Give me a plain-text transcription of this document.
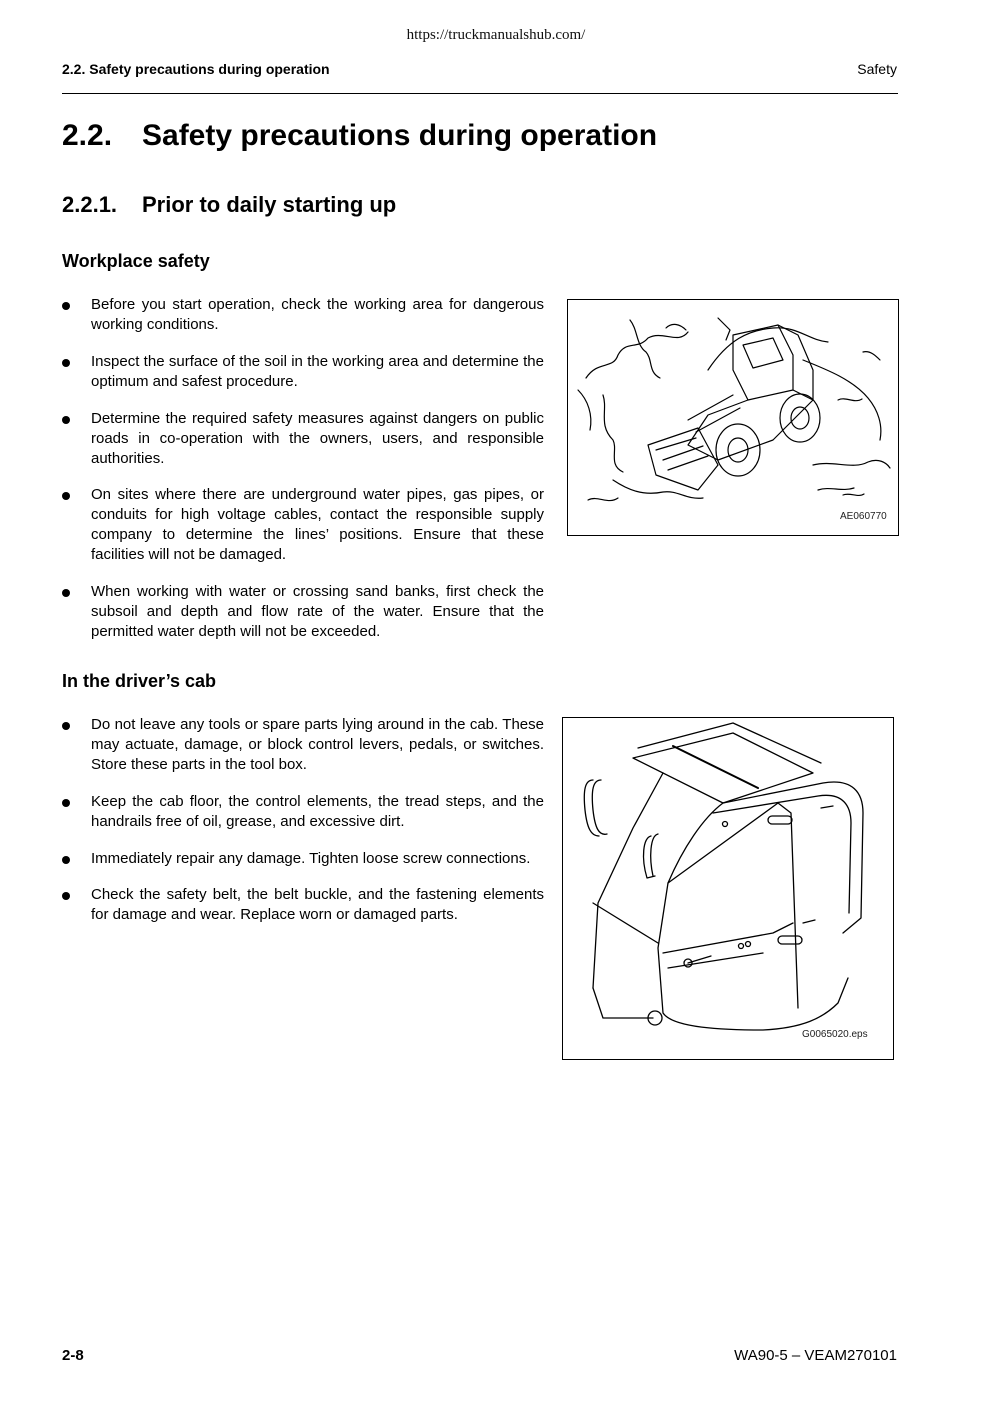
https://truckmanualshub.com/
2.2. Safety precautions during operation	Safety
2.2. Safety precautions during operation
2.2.1. Prior to daily starting up
Workplace safety
Before you start operation, check the working area for dangerous working conditions.
Inspect the surface of the soil in the working area and determine the optimum and safest procedure.
Determine the required safety measures against dangers on public roads in co-operation with the owners, users, and responsible authorities.
On sites where there are underground water pipes, gas pipes, or conduits for high voltage cables, contact the responsible supply company to determine the lines’ positions. Ensure that these facilities will not be damaged.
When working with water or crossing sand banks, first check the subsoil and depth and flow rate of the water. Ensure that the permitted water depth will not be exceeded.
AE060770
In the driver’s cab
Do not leave any tools or spare parts lying around in the cab. These may actuate, damage, or block control levers, pedals, or switches. Store these parts in the tool box.
Keep the cab floor, the control elements, the tread steps, and the handrails free of oil, grease, and excessive dirt.
Immediately repair any damage. Tighten loose screw connections.
Check the safety belt, the belt buckle, and the fastening elements for damage and wear. Replace worn or damaged parts.
G0065020.eps
2-8	WA90-5 – VEAM270101
